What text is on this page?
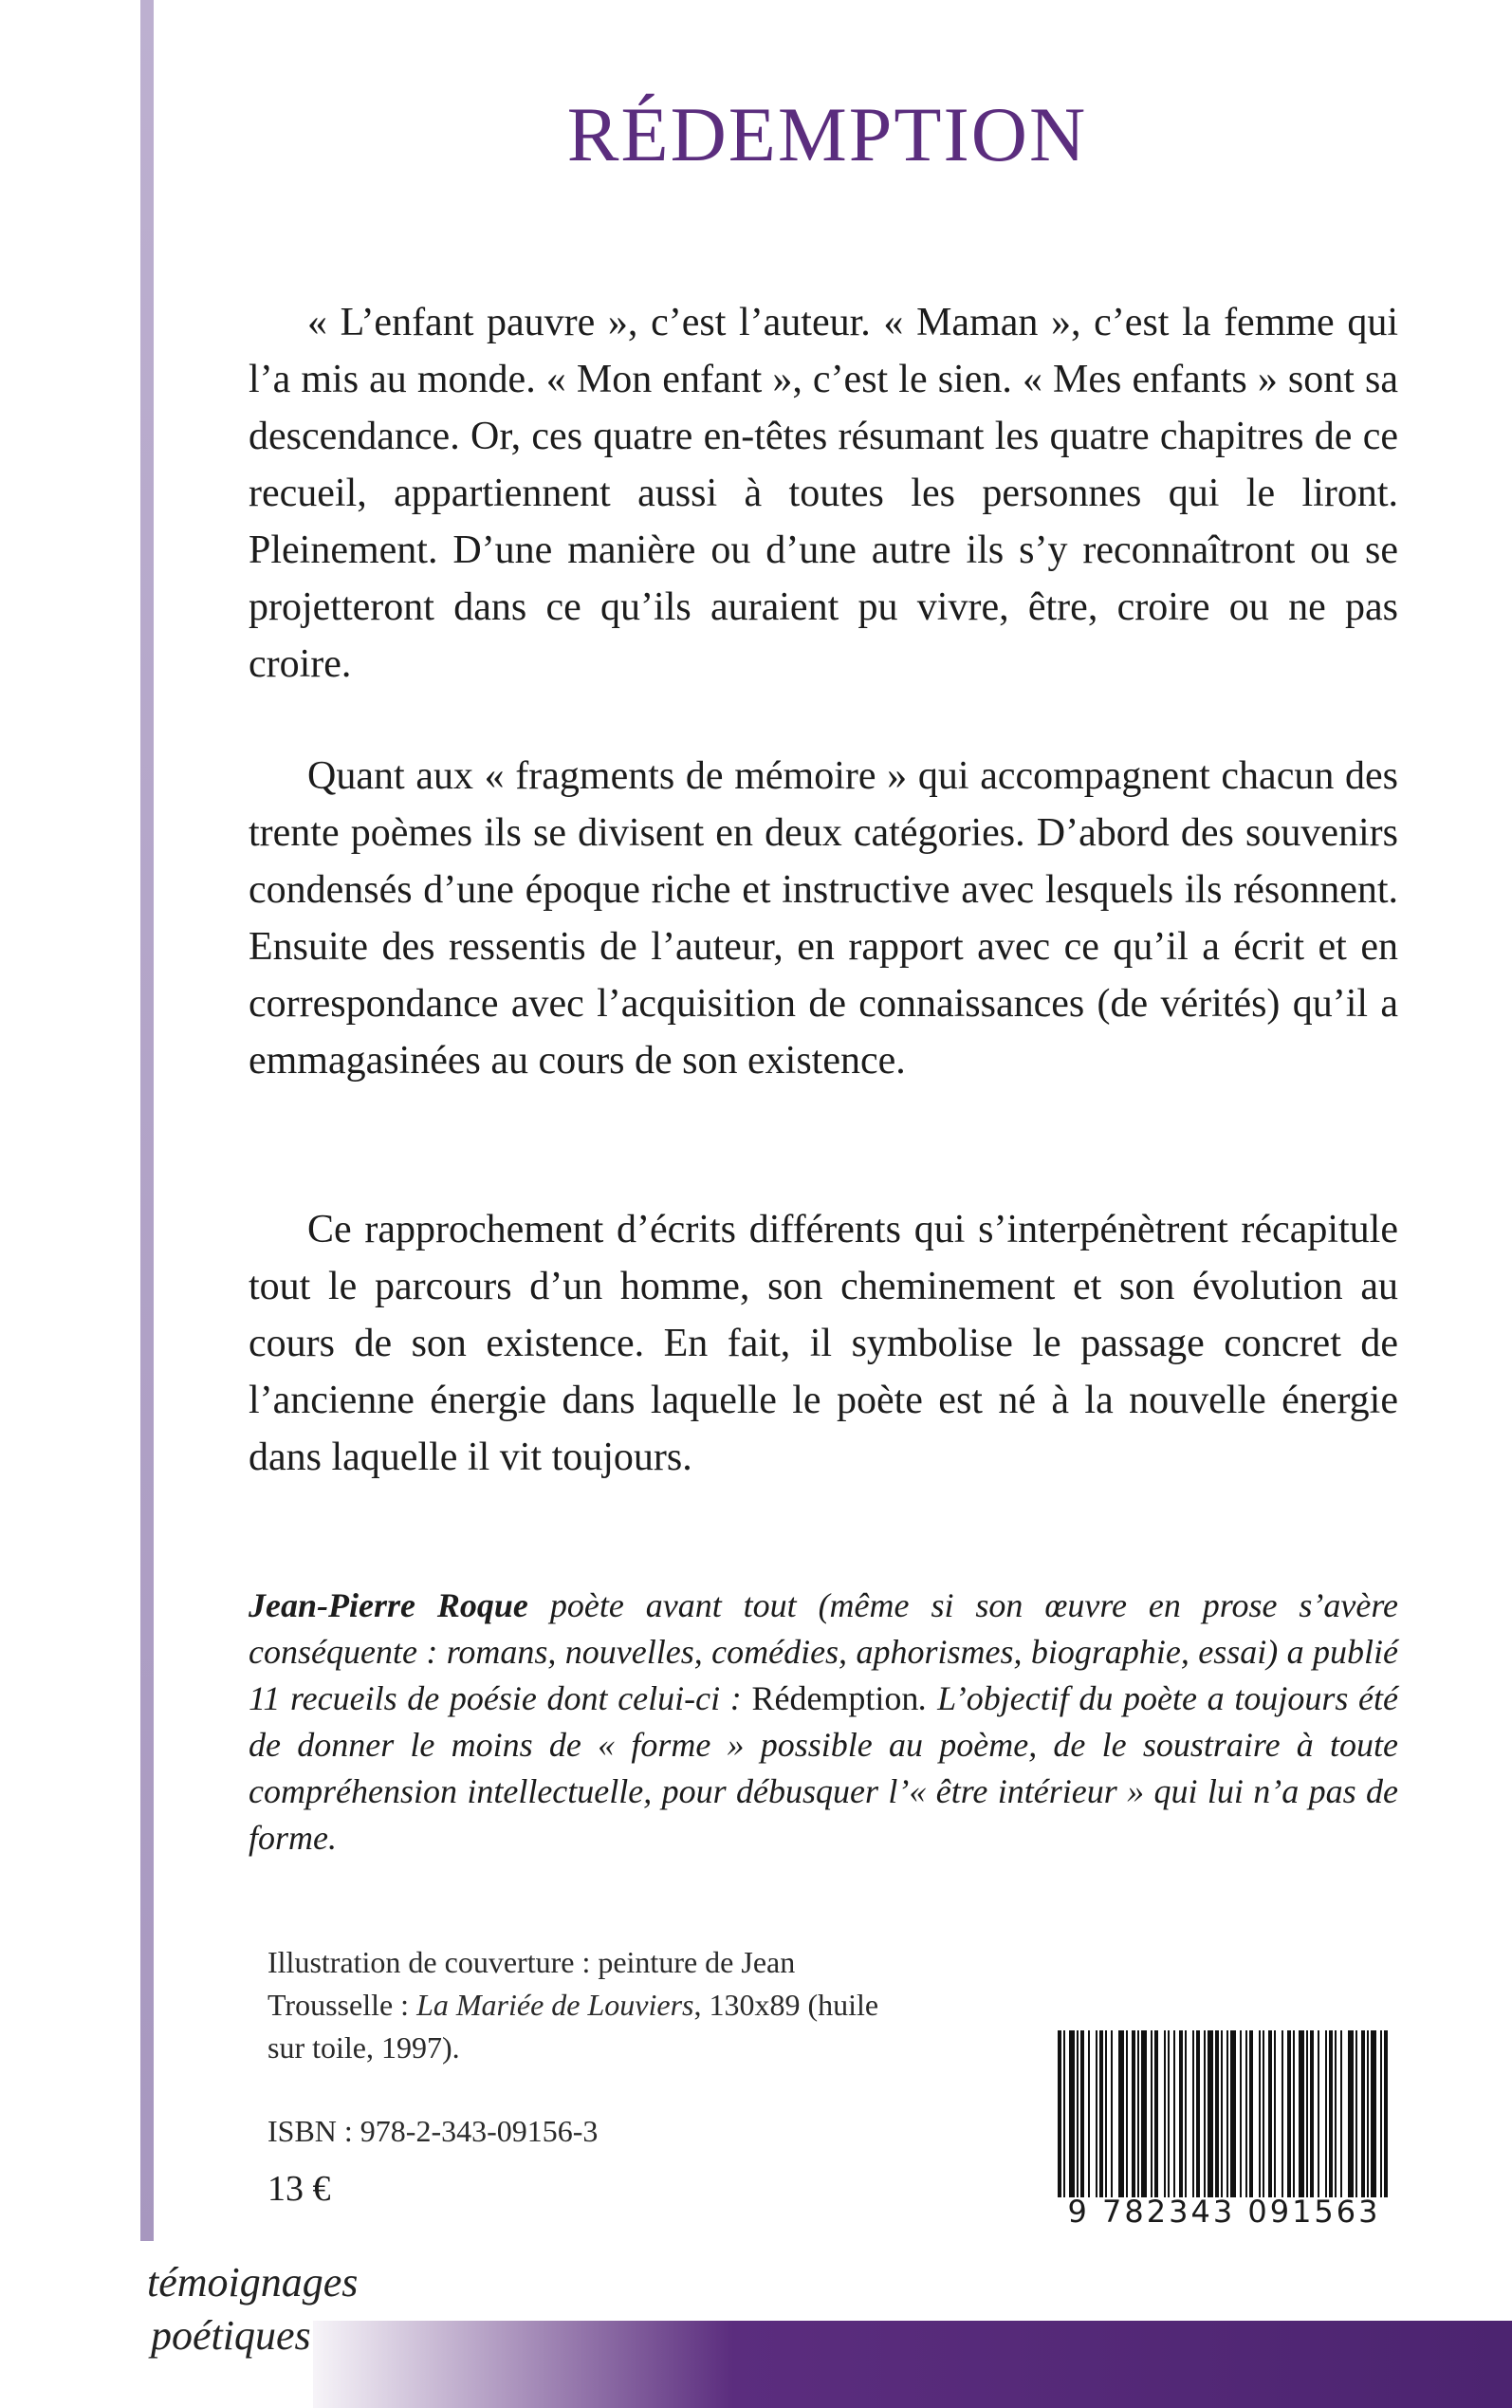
RÉDEMPTION

« L’enfant pauvre », c’est l’auteur. « Maman », c’est la femme qui l’a mis au monde. « Mon enfant », c’est le sien. « Mes enfants » sont sa descendance. Or, ces quatre en-têtes résumant les quatre chapitres de ce recueil, appartiennent aussi à toutes les personnes qui le liront. Pleinement. D’une manière ou d’une autre ils s’y reconnaîtront ou se projetteront dans ce qu’ils auraient pu vivre, être, croire ou ne pas croire.

Quant aux « fragments de mémoire » qui accompagnent chacun des trente poèmes ils se divisent en deux catégories. D’abord des souvenirs condensés d’une époque riche et instructive avec lesquels ils résonnent. Ensuite des ressentis de l’auteur, en rapport avec ce qu’il a écrit et en correspondance avec l’acquisition de connaissances (de vérités) qu’il a emmagasinées au cours de son existence.

Ce rapprochement d’écrits différents qui s’interpénètrent récapitule tout le parcours d’un homme, son cheminement et son évolution au cours de son existence. En fait, il symbolise le passage concret de l’ancienne énergie dans laquelle le poète est né à la nouvelle énergie dans laquelle il vit toujours.

Jean-Pierre Roque poète avant tout (même si son œuvre en prose s’avère conséquente : romans, nouvelles, comédies, aphorismes, biographie, essai) a publié 11 recueils de poésie dont celui-ci : Rédemption. L’objectif du poète a toujours été de donner le moins de « forme » possible au poème, de le soustraire à toute compréhension intellectuelle, pour débusquer l’« être intérieur » qui lui n’a pas de forme.

Illustration de couverture : peinture de Jean Trousselle : La Mariée de Louviers, 130x89 (huile sur toile, 1997).

ISBN : 978-2-343-09156-3

13 €

9 782343 091563

témoignages
poétiques
